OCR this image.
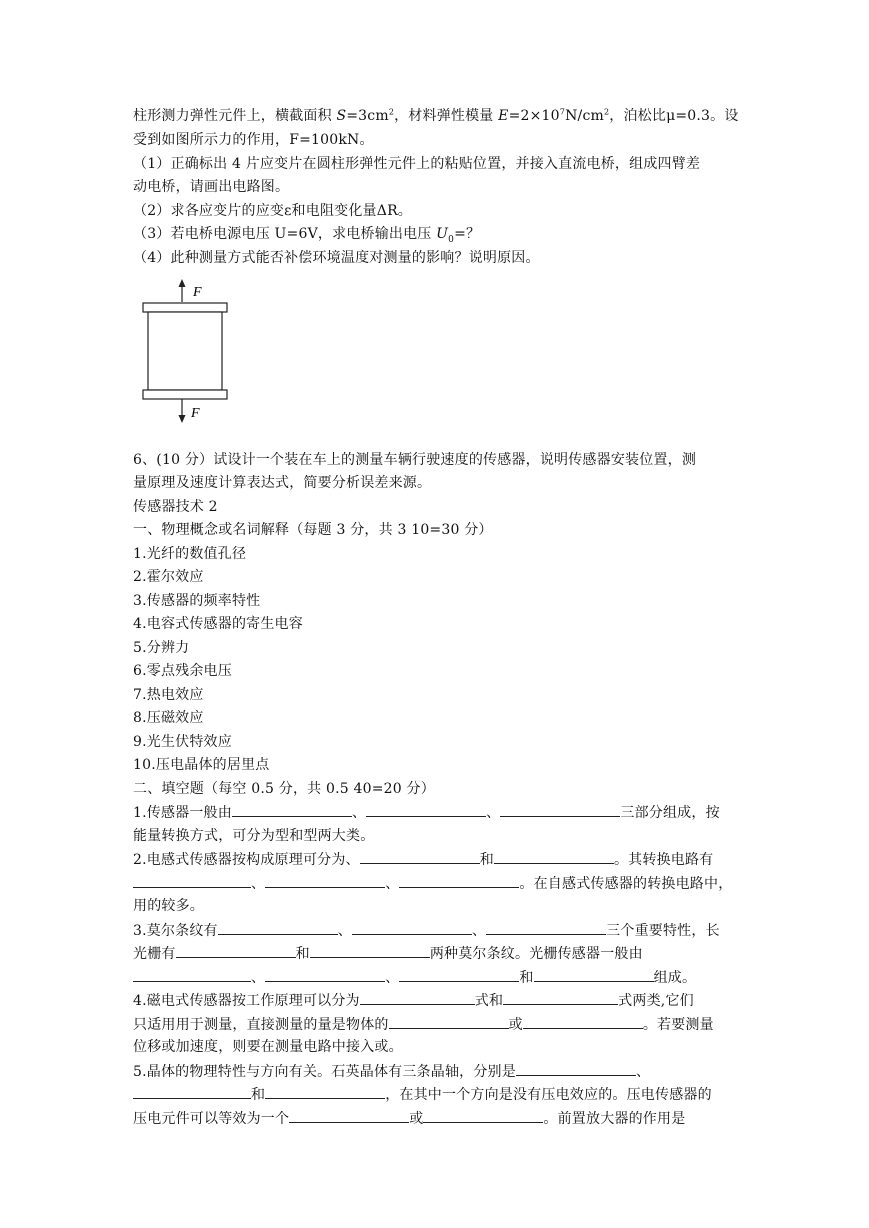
柱形测力弹性元件上，横截面积 $S=3cm^2$，材料弹性模量 $E=2\times 10^7N/cm^2$，泊松比μ=0.3。设
受到如图所示力的作用，F=100kN。
（1）正确标出 4 片应变片在圆柱形弹性元件上的粘贴位置，并接入直流电桥，组成四臂差
动电桥，请画出电路图。
（2）求各应变片的应变ε和电阻变化量ΔR。
（3）若电桥电源电压 U=6V，求电桥输出电压 $U_0=$？
（4）此种测量方式能否补偿环境温度对测量的影响？说明原因。
F
F
6、(10 分）试设计一个装在车上的测量车辆行驶速度的传感器，说明传感器安装位置，测
量原理及速度计算表达式，简要分析误差来源。
传感器技术 2
一、物理概念或名词解释（每题 3 分，共 3 10=30 分）
1.光纤的数值孔径
2.霍尔效应
3.传感器的频率特性
4.电容式传感器的寄生电容
5.分辨力
6.零点残余电压
7.热电效应
8.压磁效应
9.光生伏特效应
10.压电晶体的居里点
二、填空题（每空 0.5 分，共 0.5 40=20 分）
1.传感器一般由	、	、	三部分组成，按
能量转换方式，可分为型和型两大类。
2.电感式传感器按构成原理可分为、	和	。其转换电路有
、	、	。在自感式传感器的转换电路中，
用的较多。
3.莫尔条纹有	、	、	三个重要特性，长
光栅有	和	两种莫尔条纹。光栅传感器一般由
、	、	和	组成。
4.磁电式传感器按工作原理可以分为	式和	式两类,它们
只适用用于测量，直接测量的量是物体的	或	。若要测量
位移或加速度，则要在测量电路中接入或。
5.晶体的物理特性与方向有关。石英晶体有三条晶轴，分别是	、
和	，在其中一个方向是没有压电效应的。压电传感器的
压电元件可以等效为一个	或	。前置放大器的作用是
